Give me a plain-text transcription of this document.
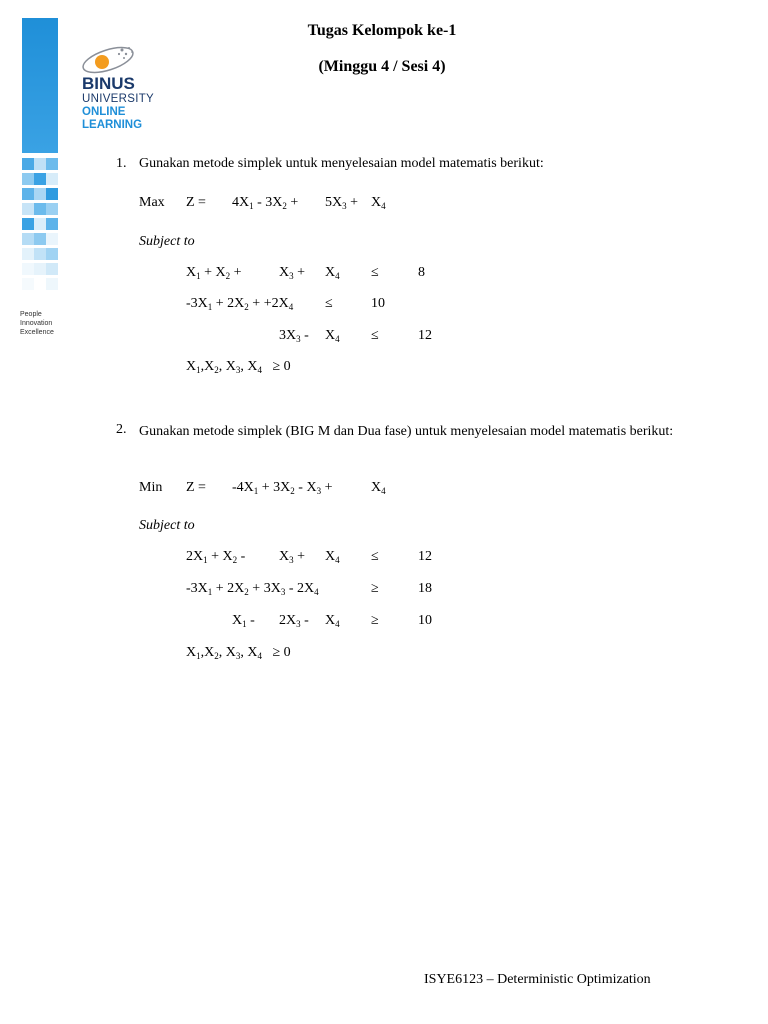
People
Innovation
Excellence
BINUS
UNIVERSITY
ONLINE
LEARNING
Tugas Kelompok ke-1
(Minggu 4 / Sesi 4)
1. Gunakan metode simplek untuk menyelesaian model matematis berikut:
Max $Z = 4X_1 - 3X_2 + 5X_3 + X_4$
Subject to
$X_1 + X_2$ +	$X_3 + X_4$ ≤	8
$-3X_1 + 2X_2 + +2X_4$ ≤	10
$3X_3 - X_4$ ≤	12
$X_1,X_2$, $X_3$, $X_4 \ge 0$
2. Gunakan metode simplek (BIG M dan Dua fase) untuk menyelesaian model matematis berikut:
Min $Z = -4X_1 + 3X_2 - X_3$ +	$X_4$
Subject to
$2X_1 + X_2 - X_3 + X_4$ ≤	12
$-3X_1 + 2X_2 + 3X_3 - 2X_4$	≥	18
$X_1 - 2X_3 - X_4$ ≥	10
$X_1,X_2$, $X_3$, $X_4 \ge 0$
ISYE6123 – Deterministic Optimization
